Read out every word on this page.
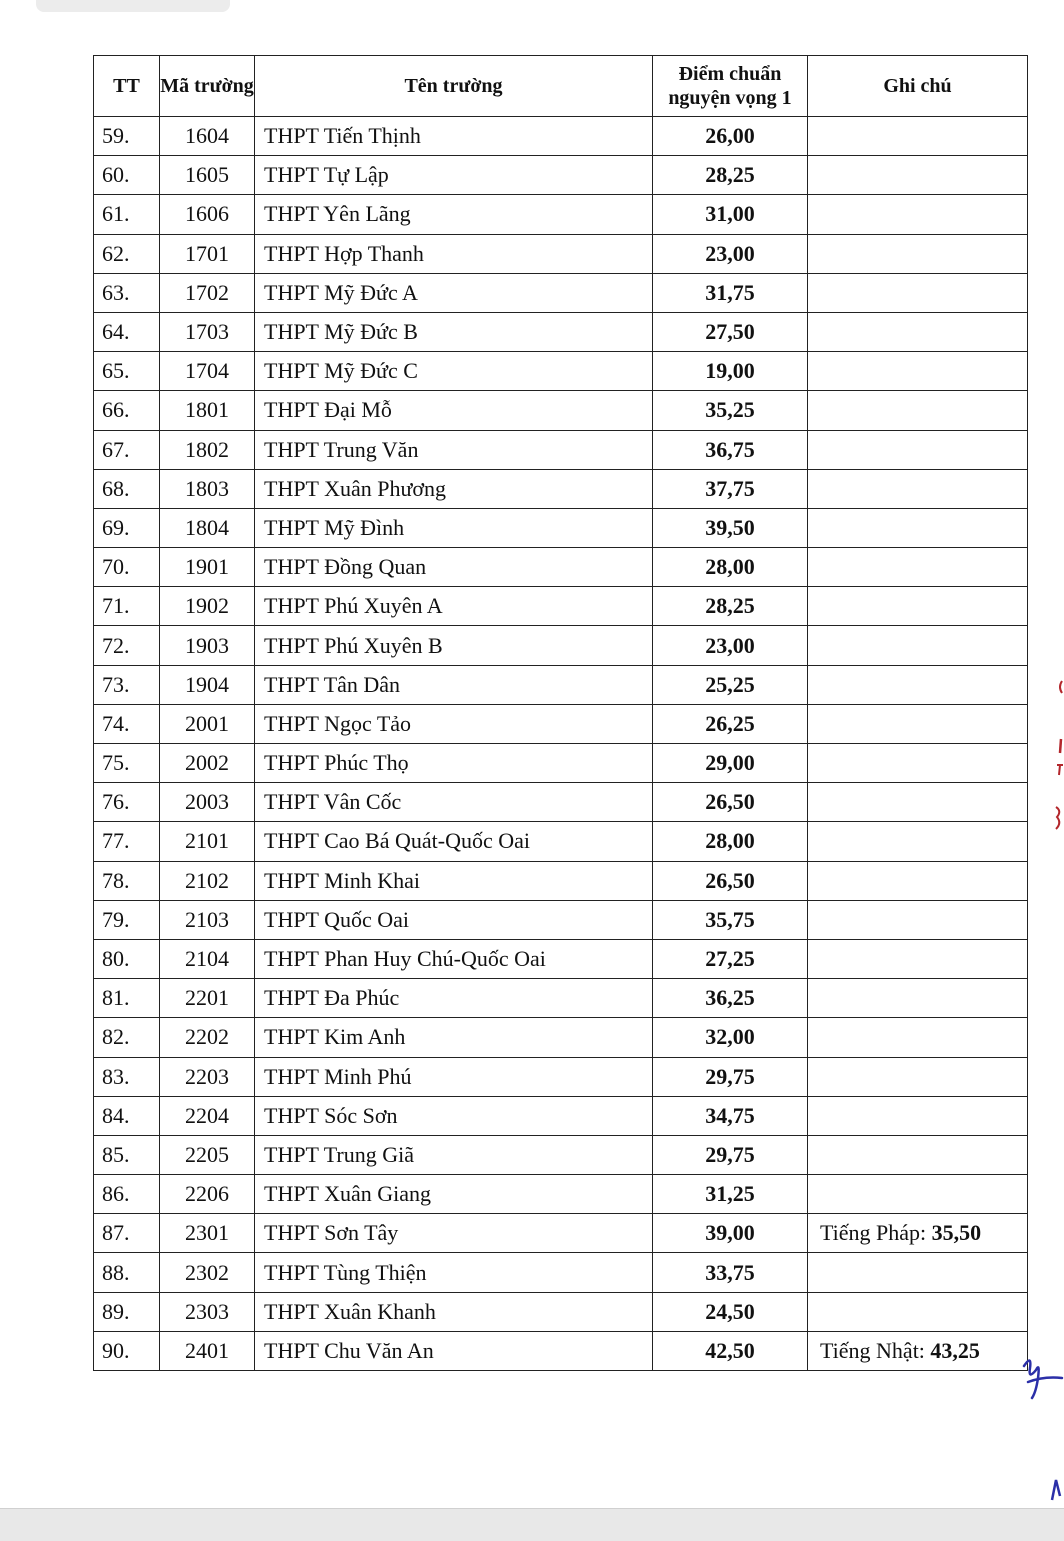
TT	Mã trường	Tên trường	Điểm chuẩn nguyện vọng 1	Ghi chú
59.	1604	THPT Tiến Thịnh	26,00	
60.	1605	THPT Tự Lập	28,25	
61.	1606	THPT Yên Lãng	31,00	
62.	1701	THPT Hợp Thanh	23,00	
63.	1702	THPT Mỹ Đức A	31,75	
64.	1703	THPT Mỹ Đức B	27,50	
65.	1704	THPT Mỹ Đức C	19,00	
66.	1801	THPT Đại Mỗ	35,25	
67.	1802	THPT Trung Văn	36,75	
68.	1803	THPT Xuân Phương	37,75	
69.	1804	THPT Mỹ Đình	39,50	
70.	1901	THPT Đồng Quan	28,00	
71.	1902	THPT Phú Xuyên A	28,25	
72.	1903	THPT Phú Xuyên B	23,00	
73.	1904	THPT Tân Dân	25,25	
74.	2001	THPT Ngọc Tảo	26,25	
75.	2002	THPT Phúc Thọ	29,00	
76.	2003	THPT Vân Cốc	26,50	
77.	2101	THPT Cao Bá Quát-Quốc Oai	28,00	
78.	2102	THPT Minh Khai	26,50	
79.	2103	THPT Quốc Oai	35,75	
80.	2104	THPT Phan Huy Chú-Quốc Oai	27,25	
81.	2201	THPT Đa Phúc	36,25	
82.	2202	THPT Kim Anh	32,00	
83.	2203	THPT Minh Phú	29,75	
84.	2204	THPT Sóc Sơn	34,75	
85.	2205	THPT Trung Giã	29,75	
86.	2206	THPT Xuân Giang	31,25	
87.	2301	THPT Sơn Tây	39,00	Tiếng Pháp: 35,50
88.	2302	THPT Tùng Thiện	33,75	
89.	2303	THPT Xuân Khanh	24,50	
90.	2401	THPT Chu Văn An	42,50	Tiếng Nhật: 43,25
